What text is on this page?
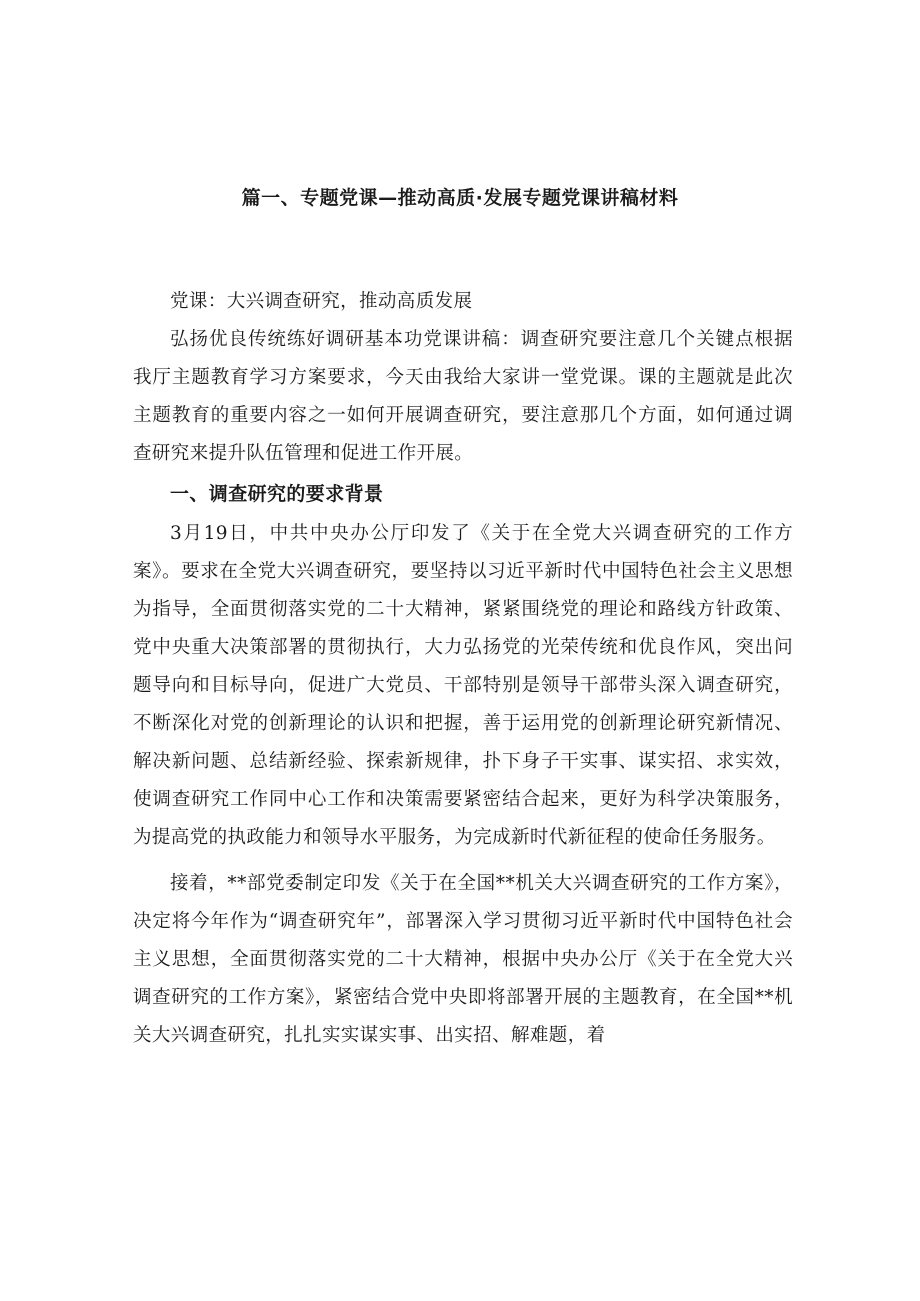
篇一、专题党课—推动高质·发展专题党课讲稿材料

党课：大兴调查研究，推动高质发展

弘扬优良传统练好调研基本功党课讲稿：调查研究要注意几个关键点根据我厅主题教育学习方案要求，今天由我给大家讲一堂党课。课的主题就是此次主题教育的重要内容之一如何开展调查研究，要注意那几个方面，如何通过调查研究来提升队伍管理和促进工作开展。

一、调查研究的要求背景

3月19日，中共中央办公厅印发了《关于在全党大兴调查研究的工作方案》。要求在全党大兴调查研究，要坚持以习近平新时代中国特色社会主义思想为指导，全面贯彻落实党的二十大精神，紧紧围绕党的理论和路线方针政策、党中央重大决策部署的贯彻执行，大力弘扬党的光荣传统和优良作风，突出问题导向和目标导向，促进广大党员、干部特别是领导干部带头深入调查研究，不断深化对党的创新理论的认识和把握，善于运用党的创新理论研究新情况、解决新问题、总结新经验、探索新规律，扑下身子干实事、谋实招、求实效，使调查研究工作同中心工作和决策需要紧密结合起来，更好为科学决策服务，为提高党的执政能力和领导水平服务，为完成新时代新征程的使命任务服务。

接着，**部党委制定印发《关于在全国**机关大兴调查研究的工作方案》，决定将今年作为“调查研究年”，部署深入学习贯彻习近平新时代中国特色社会主义思想，全面贯彻落实党的二十大精神，根据中央办公厅《关于在全党大兴调查研究的工作方案》，紧密结合党中央即将部署开展的主题教育，在全国**机关大兴调查研究，扎扎实实谋实事、出实招、解难题，着
